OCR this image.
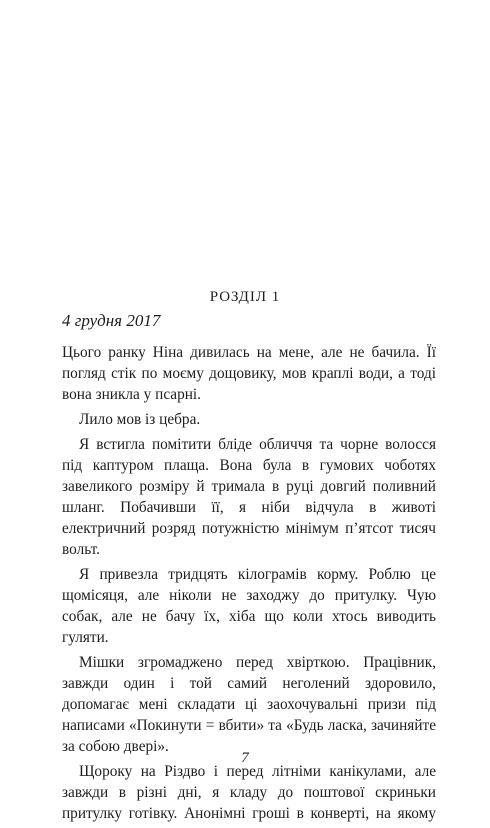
РОЗДІЛ 1
4 грудня 2017

Цього ранку Ніна дивилась на мене, але не бачила. Її погляд стік по моєму дощовику, мов краплі води, а тоді вона зникла у псарні.

Лило мов із цебра.

Я встигла помітити бліде обличчя та чорне волосся під каптуром плаща. Вона була в гумових чоботях завеликого розміру й тримала в руці довгий поливний шланг. Побачивши її, я ніби відчула в животі електричний розряд потужністю мінімум п’ятсот тисяч вольт.

Я привезла тридцять кілограмів корму. Роблю це щомісяця, але ніколи не заходжу до притулку. Чую собак, але не бачу їх, хіба що коли хтось виводить гуляти.

Мішки згромаджено перед хвірткою. Працівник, завжди один і той самий неголений здоровило, допомагає мені складати ці заохочувальні призи під написами «Покинути = вбити» та «Будь ласка, зачиняйте за собою двері».

Щороку на Різдво і перед літніми канікулами, але завжди в різні дні, я кладу до поштової скриньки притулку готівку. Анонімні гроші в конверті, на якому

7
